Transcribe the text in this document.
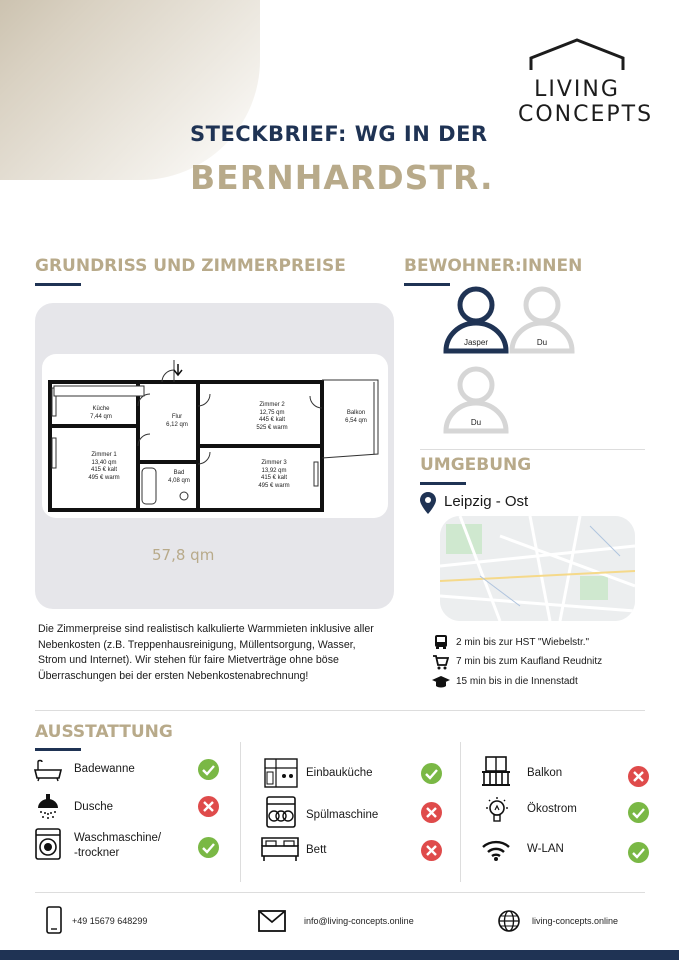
LIVING
CONCEPTS
STECKBRIEF: WG IN DER
BERNHARDSTR.
GRUNDRISS UND ZIMMERPREISE
Küche
7,44 qm	Flur
6,12 qm
Zimmer 2
12,75 qm
445 € kalt
525 € warm
Balkon
6,54 qm
Zimmer 1
13,40 qm
415 € kalt
495 € warm
Bad
4,08 qm
Zimmer 3
13,92 qm
415 € kalt
495 € warm
57,8 qm
Die Zimmerpreise sind realistisch kalkulierte Warmmieten inklusive aller Nebenkosten (z.B. Treppenhausreinigung, Müllentsorgung, Wasser, Strom und Internet). Wir stehen für faire Mietverträge ohne böse Überraschungen bei der ersten Nebenkostenabrechnung!
BEWOHNER:INNEN
Jasper	Du
Du
UMGEBUNG
Leipzig - Ost
2 min bis zur HST "Wiebelstr."
7 min bis zum Kaufland Reudnitz
15 min bis in die Innenstadt
AUSSTATTUNG
Badewanne
Dusche
Waschmaschine/
-trockner
Einbauküche
Spülmaschine
Bett
Balkon
Ökostrom
W-LAN
+49 15679 648299	info@living-concepts.online	living-concepts.online
